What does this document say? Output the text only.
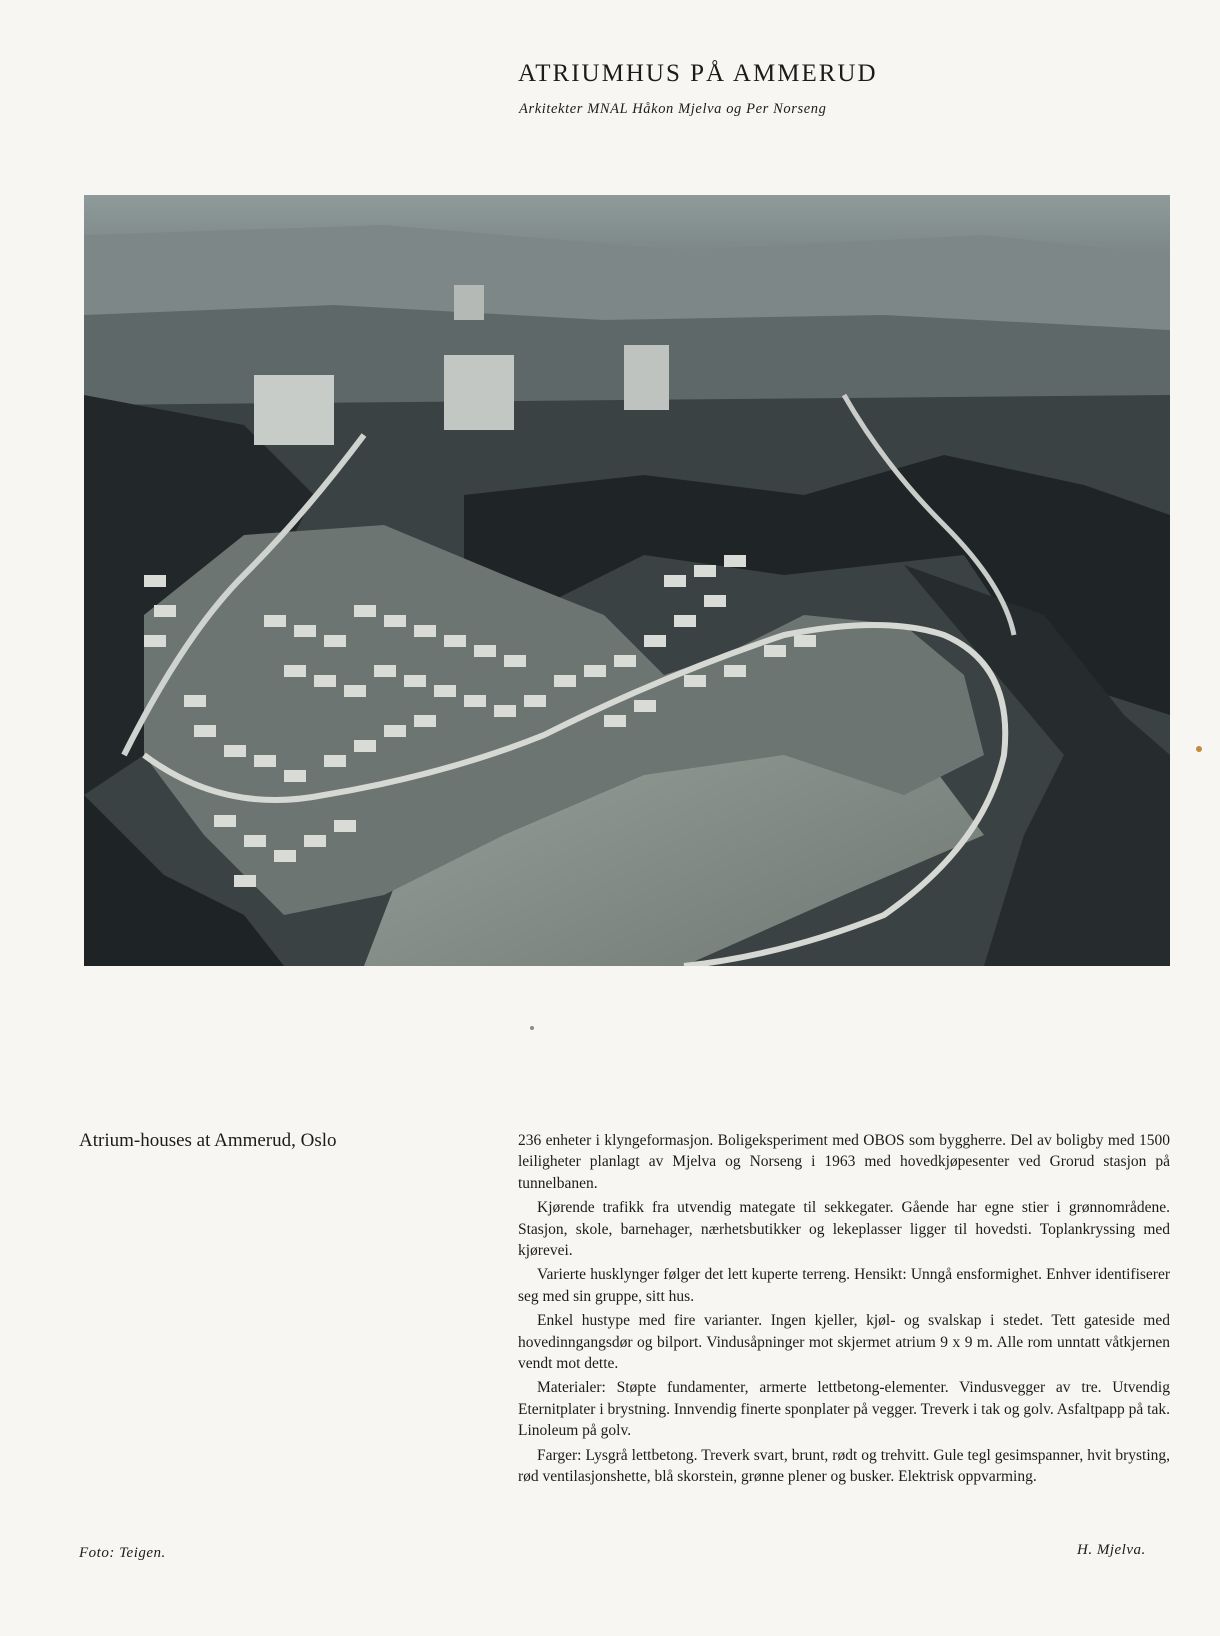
ATRIUMHUS PÅ AMMERUD

Arkitekter MNAL Håkon Mjelva og Per Norseng

Atrium-houses at Ammerud, Oslo	236 enheter i klyngeformasjon. Boligeksperiment med OBOS som byggherre. Del av boligby med 1500 leiligheter planlagt av Mjelva og Norseng i 1963 med hovedkjøpesenter ved Grorud stasjon på tunnelbanen.

Kjørende trafikk fra utvendig mategate til sekkegater. Gående har egne stier i grønnområdene. Stasjon, skole, barnehager, nærhetsbutikker og lekeplasser ligger til hovedsti. Toplankryssing med kjørevei.

Varierte husklynger følger det lett kuperte terreng. Hensikt: Unngå ensformighet. Enhver identifiserer seg med sin gruppe, sitt hus.

Enkel hustype med fire varianter. Ingen kjeller, kjøl- og svalskap i stedet. Tett gateside med hovedinngangsdør og bilport. Vindusåpninger mot skjermet atrium 9 x 9 m. Alle rom unntatt våtkjernen vendt mot dette.

Materialer: Støpte fundamenter, armerte lettbetong-elementer. Vindusvegger av tre. Utvendig Eternitplater i brystning. Innvendig finerte sponplater på vegger. Treverk i tak og golv. Asfaltpapp på tak. Linoleum på golv.

Farger: Lysgrå lettbetong. Treverk svart, brunt, rødt og trehvitt. Gule tegl gesimspanner, hvit brysting, rød ventilasjonshette, blå skorstein, grønne plener og busker. Elektrisk oppvarming.

Foto: Teigen.	H. Mjelva.
